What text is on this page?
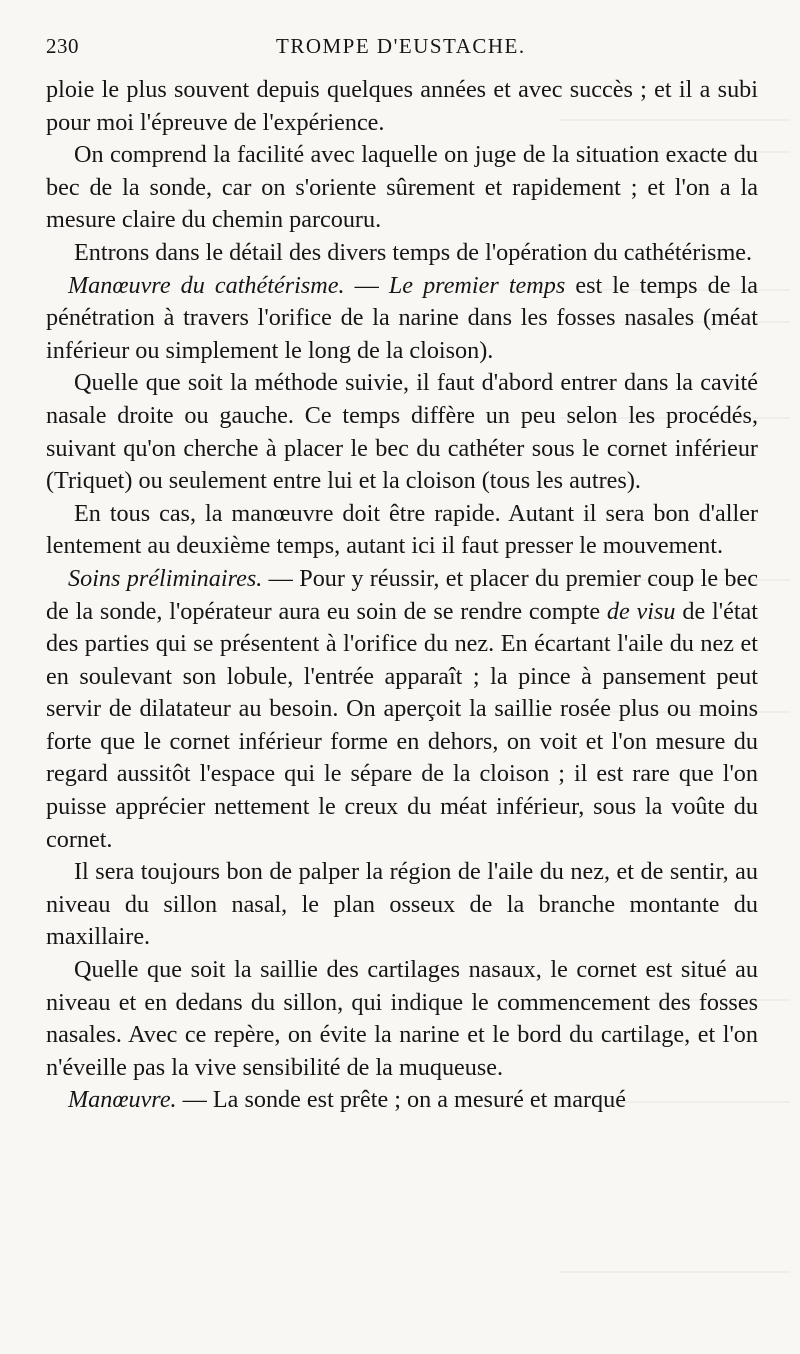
230	TROMPE D'EUSTACHE.

ploie le plus souvent depuis quelques années et avec succès ; et il a subi pour moi l'épreuve de l'expérience.

On comprend la facilité avec laquelle on juge de la situation exacte du bec de la sonde, car on s'oriente sûrement et rapidement ; et l'on a la mesure claire du chemin parcouru.

Entrons dans le détail des divers temps de l'opération du cathétérisme.

Manœuvre du cathétérisme. — Le premier temps est le temps de la pénétration à travers l'orifice de la narine dans les fosses nasales (méat inférieur ou simplement le long de la cloison).

Quelle que soit la méthode suivie, il faut d'abord entrer dans la cavité nasale droite ou gauche. Ce temps diffère un peu selon les procédés, suivant qu'on cherche à placer le bec du cathéter sous le cornet inférieur (Triquet) ou seulement entre lui et la cloison (tous les autres).

En tous cas, la manœuvre doit être rapide. Autant il sera bon d'aller lentement au deuxième temps, autant ici il faut presser le mouvement.

Soins préliminaires. — Pour y réussir, et placer du premier coup le bec de la sonde, l'opérateur aura eu soin de se rendre compte de visu de l'état des parties qui se présentent à l'orifice du nez. En écartant l'aile du nez et en soulevant son lobule, l'entrée apparaît ; la pince à pansement peut servir de dilatateur au besoin. On aperçoit la saillie rosée plus ou moins forte que le cornet inférieur forme en dehors, on voit et l'on mesure du regard aussitôt l'espace qui le sépare de la cloison ; il est rare que l'on puisse apprécier nettement le creux du méat inférieur, sous la voûte du cornet.

Il sera toujours bon de palper la région de l'aile du nez, et de sentir, au niveau du sillon nasal, le plan osseux de la branche montante du maxillaire.

Quelle que soit la saillie des cartilages nasaux, le cornet est situé au niveau et en dedans du sillon, qui indique le commencement des fosses nasales. Avec ce repère, on évite la narine et le bord du cartilage, et l'on n'éveille pas la vive sensibilité de la muqueuse.

Manœuvre. — La sonde est prête ; on a mesuré et marqué
